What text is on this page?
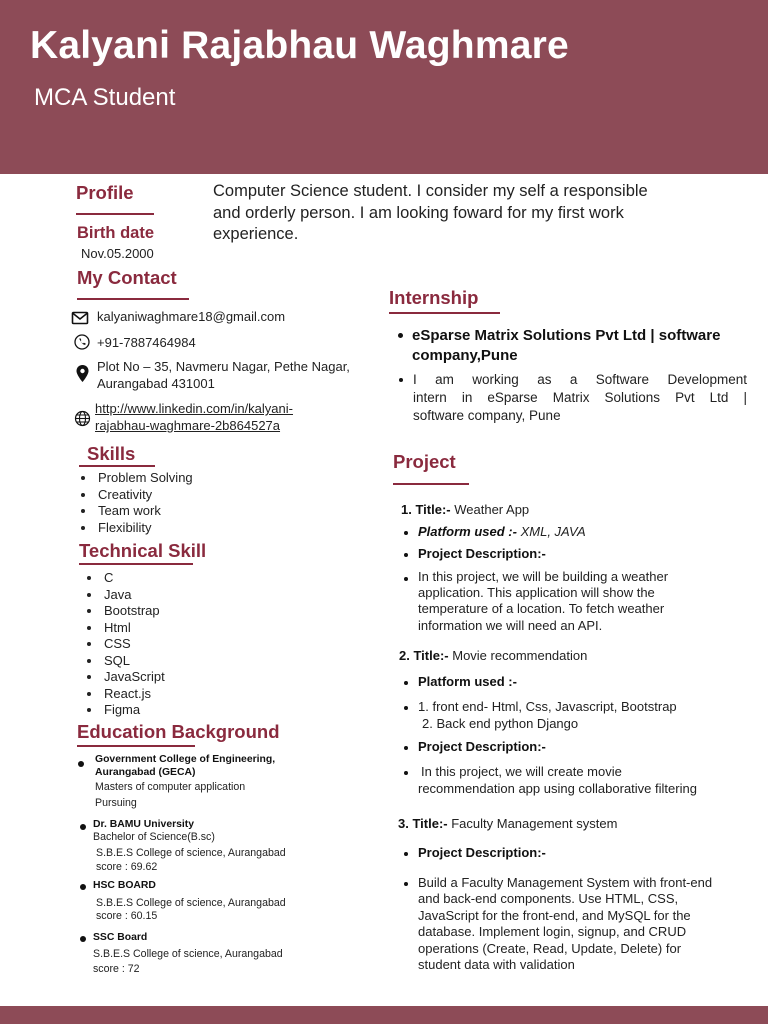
Kalyani Rajabhau Waghmare
MCA Student
Profile	Computer Science student. I consider my self a responsible
and orderly person. I am looking foward for my first work
experience.
Birth date
Nov.05.2000
My Contact
kalyaniwaghmare18@gmail.com
+91-7887464984
Plot No – 35, Navmeru Nagar, Pethe Nagar,
Aurangabad 431001
http://www.linkedin.com/in/kalyani-
rajabhau-waghmare-2b864527a
Skills
Problem Solving
Creativity
Team work
Flexibility
Technical Skill
C
Java
Bootstrap
Html
CSS
SQL
JavaScript
React.js
Figma
Education Background
Government College of Engineering,
Aurangabad (GECA)
Masters of computer application
Pursuing
Dr. BAMU University
Bachelor of Science(B.sc)
S.B.E.S College of science, Aurangabad
score : 69.62
HSC BOARD
S.B.E.S College of science, Aurangabad
score : 60.15
SSC Board
S.B.E.S College of science, Aurangabad
score : 72
Internship
eSparse Matrix Solutions Pvt Ltd | software
company,Pune
I am working as a Software Development
intern in eSparse Matrix Solutions Pvt Ltd |
software company, Pune
Project
1. Title:- Weather App
Platform used :- XML, JAVA
Project Description:-
In this project, we will be building a weather
application. This application will show the
temperature of a location. To fetch weather
information we will need an API.
2. Title:- Movie recommendation
Platform used :-
1. front end- Html, Css, Javascript, Bootstrap
2. Back end python Django
Project Description:-
In this project, we will create movie
recommendation app using collaborative filtering
3. Title:- Faculty Management system
Project Description:-
Build a Faculty Management System with front-end
and back-end components. Use HTML, CSS,
JavaScript for the front-end, and MySQL for the
database. Implement login, signup, and CRUD
operations (Create, Read, Update, Delete) for
student data with validation
